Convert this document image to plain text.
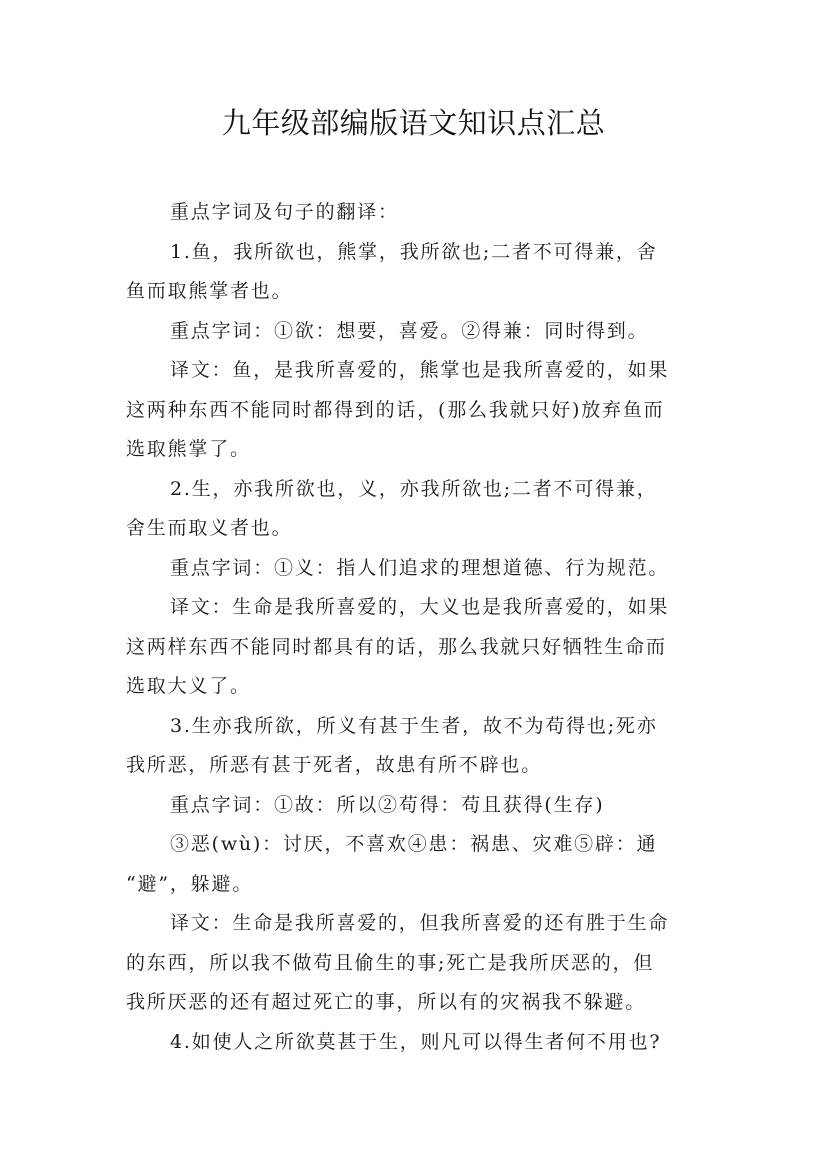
九年级部编版语文知识点汇总
重点字词及句子的翻译：
1.鱼，我所欲也，熊掌，我所欲也;二者不可得兼，舍
鱼而取熊掌者也。
重点字词：①欲：想要，喜爱。②得兼：同时得到。
译文：鱼，是我所喜爱的，熊掌也是我所喜爱的，如果
这两种东西不能同时都得到的话，(那么我就只好)放弃鱼而
选取熊掌了。
2.生，亦我所欲也，义，亦我所欲也;二者不可得兼，
舍生而取义者也。
重点字词：①义：指人们追求的理想道德、行为规范。
译文：生命是我所喜爱的，大义也是我所喜爱的，如果
这两样东西不能同时都具有的话，那么我就只好牺牲生命而
选取大义了。
3.生亦我所欲，所义有甚于生者，故不为苟得也;死亦
我所恶，所恶有甚于死者，故患有所不辟也。
重点字词：①故：所以②苟得：苟且获得(生存)
③恶(wù)：讨厌，不喜欢④患：祸患、灾难⑤辟：通
“避”，躲避。
译文：生命是我所喜爱的，但我所喜爱的还有胜于生命
的东西，所以我不做苟且偷生的事;死亡是我所厌恶的，但
我所厌恶的还有超过死亡的事，所以有的灾祸我不躲避。
4.如使人之所欲莫甚于生，则凡可以得生者何不用也?
